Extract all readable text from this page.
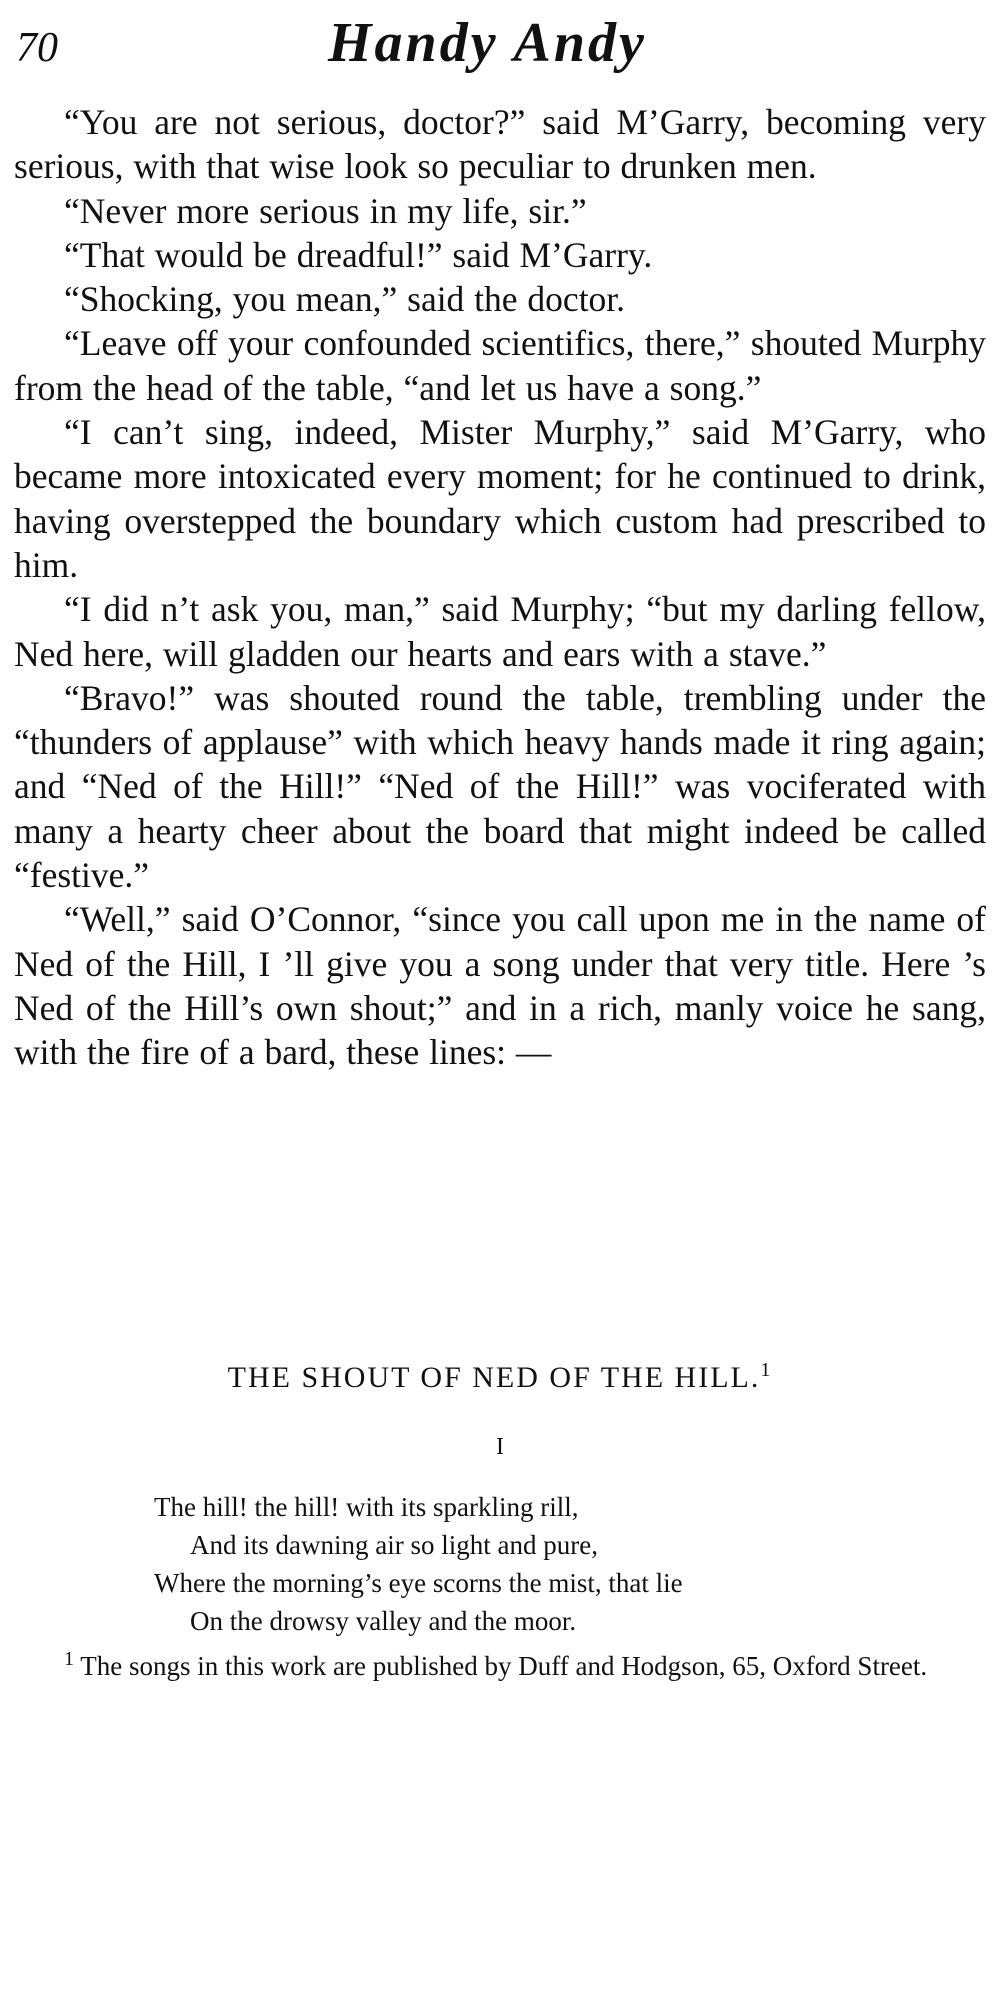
70	Handy Andy

“You are not serious, doctor?” said M’Garry, becoming very serious, with that wise look so peculiar to drunken men.

“Never more serious in my life, sir.”

“That would be dreadful!” said M’Garry.

“Shocking, you mean,” said the doctor.

“Leave off your confounded scientifics, there,” shouted Murphy from the head of the table, “and let us have a song.”

“I can’t sing, indeed, Mister Murphy,” said M’Garry, who became more intoxicated every moment; for he continued to drink, having overstepped the boundary which custom had prescribed to him.

“I did n’t ask you, man,” said Murphy; “but my darling fellow, Ned here, will gladden our hearts and ears with a stave.”

“Bravo!” was shouted round the table, trembling under the “thunders of applause” with which heavy hands made it ring again; and “Ned of the Hill!” “Ned of the Hill!” was vociferated with many a hearty cheer about the board that might indeed be called “festive.”

“Well,” said O’Connor, “since you call upon me in the name of Ned of the Hill, I ’ll give you a song under that very title. Here ’s Ned of the Hill’s own shout;” and in a rich, manly voice he sang, with the fire of a bard, these lines: —

THE SHOUT OF NED OF THE HILL.$^1$
I
The hill! the hill! with its sparkling rill,
And its dawning air so light and pure,
Where the morning’s eye scorns the mist, that lie
On the drowsy valley and the moor.
$^1$ The songs in this work are published by Duff and Hodgson, 65, Oxford Street.
